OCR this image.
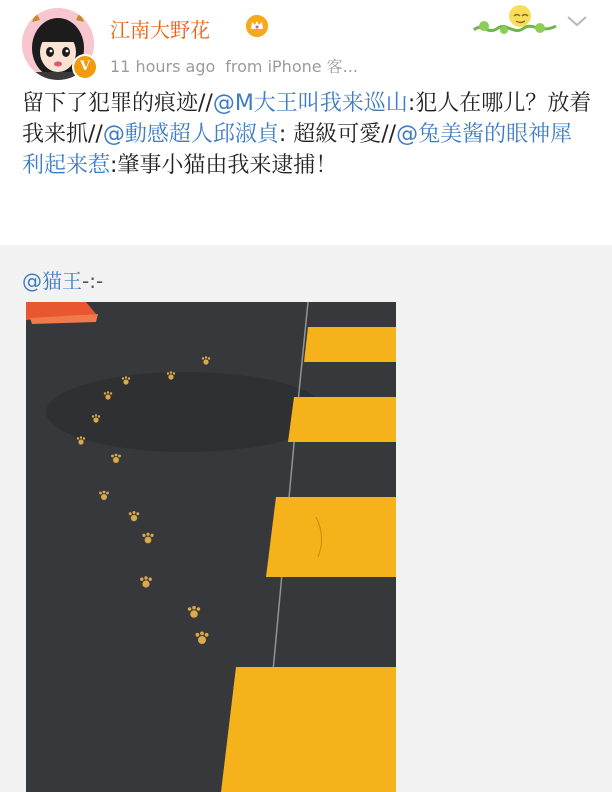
V
江南大野花
11 hours ago from iPhone 客...
留下了犯罪的痕迹//@M大王叫我来巡山:犯人在哪儿？放着我来抓//@動感超人邱淑貞: 超級可愛//@兔美酱的眼神犀利起来惹:肇事小猫由我来逮捕！
@猫王-:-
